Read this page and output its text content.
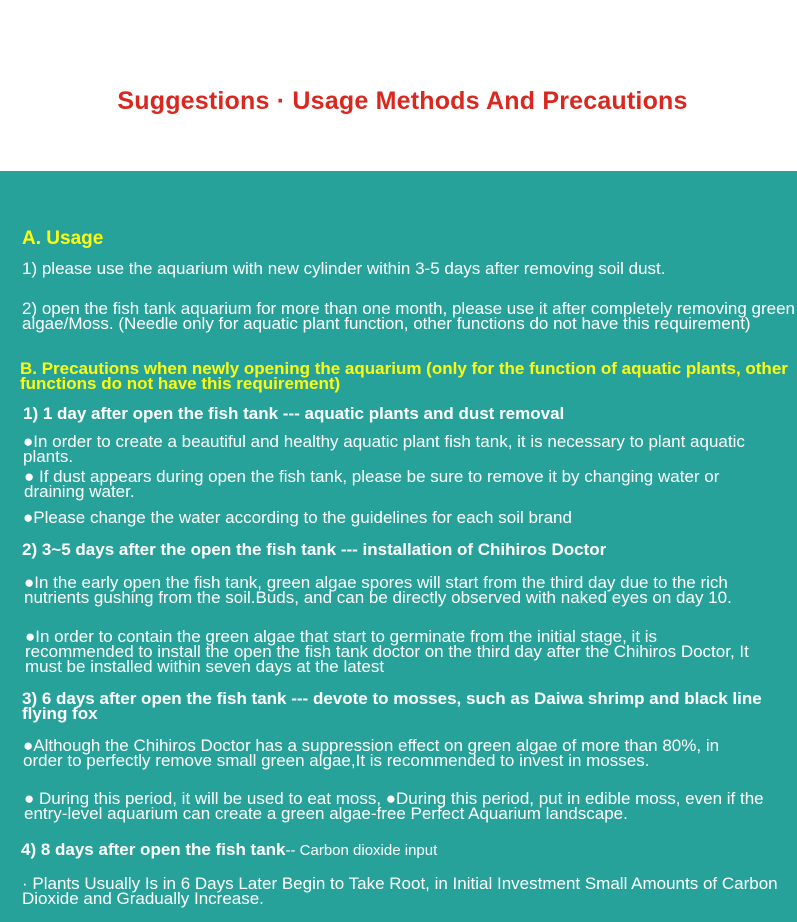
Suggestions · Usage Methods And Precautions
A. Usage
1) please use the aquarium with new cylinder within 3-5 days after removing soil dust.
2) open the fish tank aquarium for more than one month, please use it after completely removing green algae/Moss. (Needle only for aquatic plant function, other functions do not have this requirement)
B. Precautions when newly opening the aquarium (only for the function of aquatic plants, other functions do not have this requirement)
1) 1 day after open the fish tank --- aquatic plants and dust removal
●In order to create a beautiful and healthy aquatic plant fish tank, it is necessary to plant aquatic plants.
● If dust appears during open the fish tank, please be sure to remove it by changing water or draining water.
●Please change the water according to the guidelines for each soil brand
2) 3~5 days after the open the fish tank --- installation of Chihiros Doctor
●In the early open the fish tank, green algae spores will start from the third day due to the rich nutrients gushing from the soil.Buds, and can be directly observed with naked eyes on day 10.
●In order to contain the green algae that start to germinate from the initial stage, it is recommended to install the open the fish tank doctor on the third day after the Chihiros Doctor, It must be installed within seven days at the latest
3) 6 days after open the fish tank --- devote to mosses, such as Daiwa shrimp and black line flying fox
●Although the Chihiros Doctor has a suppression effect on green algae of more than 80%, in order to perfectly remove small green algae,It is recommended to invest in mosses.
● During this period, it will be used to eat moss, ●During this period, put in edible moss, even if the entry-level aquarium can create a green algae-free Perfect Aquarium landscape.
4) 8 days after open the fish tank-- Carbon dioxide input
· Plants Usually Is in 6 Days Later Begin to Take Root, in Initial Investment Small Amounts of Carbon Dioxide and Gradually Increase.
